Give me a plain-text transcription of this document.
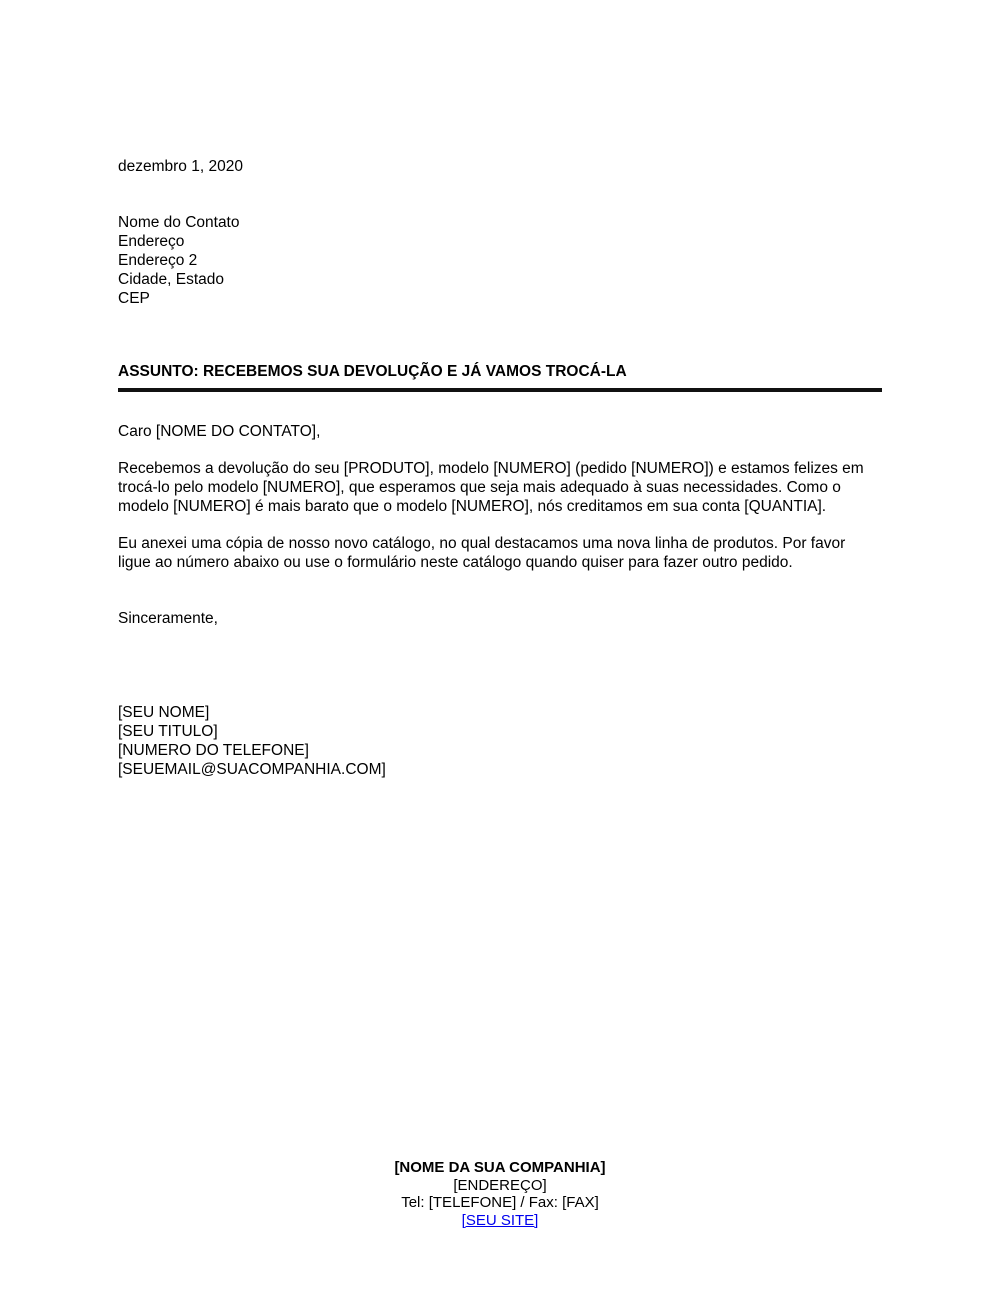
dezembro 1, 2020
Nome do Contato
Endereço
Endereço 2
Cidade, Estado
CEP
ASSUNTO: RECEBEMOS SUA DEVOLUÇÃO E JÁ VAMOS TROCÁ-LA
Caro [NOME DO CONTATO],

Recebemos a devolução do seu [PRODUTO], modelo [NUMERO] (pedido [NUMERO]) e estamos felizes em trocá-lo pelo modelo [NUMERO], que esperamos que seja mais adequado à suas necessidades. Como o modelo [NUMERO] é mais barato que o modelo [NUMERO], nós creditamos em sua conta [QUANTIA].

Eu anexei uma cópia de nosso novo catálogo, no qual destacamos uma nova linha de produtos. Por favor ligue ao número abaixo ou use o formulário neste catálogo quando quiser para fazer outro pedido.

Sinceramente,
[SEU NOME]
[SEU TITULO]
[NUMERO DO TELEFONE]
[SEUEMAIL@SUACOMPANHIA.COM]
[NOME DA SUA COMPANHIA]
[ENDEREÇO]
Tel: [TELEFONE] / Fax: [FAX]
[SEU SITE]
